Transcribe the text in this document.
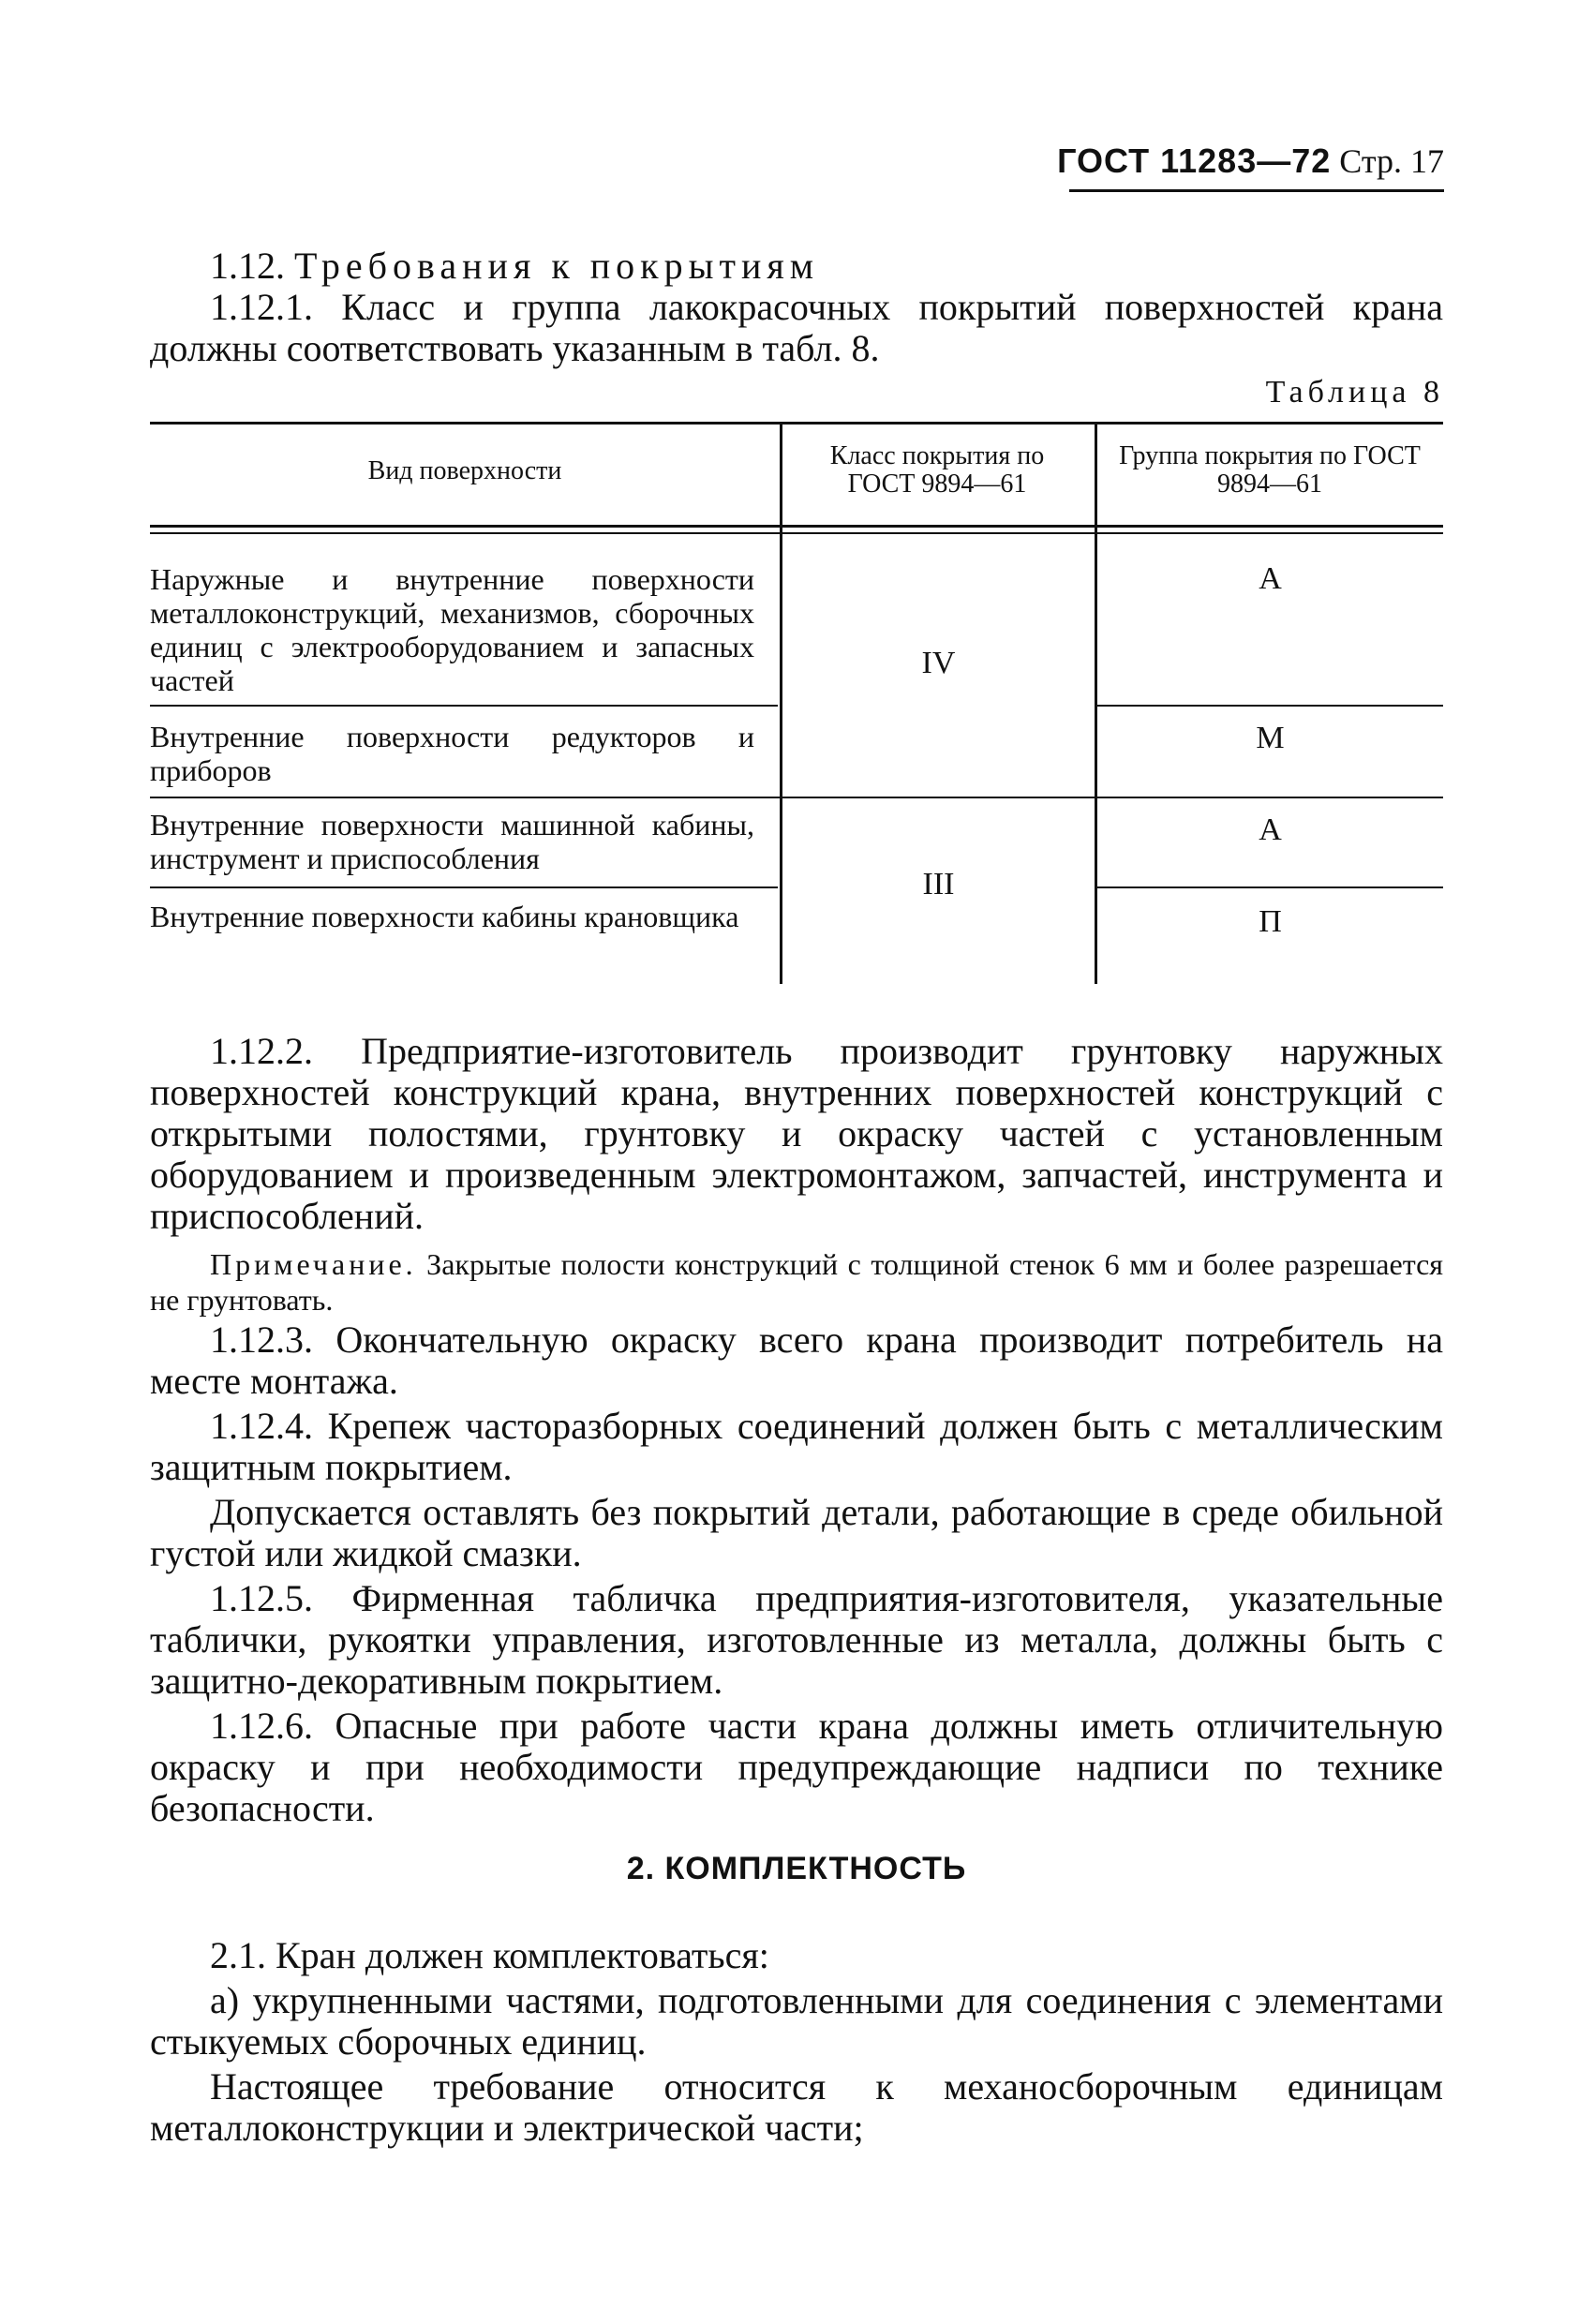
ГОСТ 11283—72 Стр. 17
1.12. Требования к покрытиям
1.12.1. Класс и группа лакокрасочных покрытий поверхностей крана должны соответствовать указанным в табл. 8.
Таблица 8
Вид поверхности
Класс покрытия по ГОСТ 9894—61
Группа покрытия по ГОСТ 9894—61
Наружные и внутренние поверхности металлоконструкций, механизмов, сборочных единиц с электрооборудованием и запасных частей
Внутренние поверхности редукторов и приборов
Внутренние поверхности машинной кабины, инструмент и приспособления
Внутренние поверхности кабины крановщика
IV
III
А
М
А
П
1.12.2. Предприятие-изготовитель производит грунтовку наружных поверхностей конструкций крана, внутренних поверхностей конструкций с открытыми полостями, грунтовку и окраску частей с установленным оборудованием и произведенным электромонтажом, запчастей, инструмента и приспособлений.
Примечание. Закрытые полости конструкций с толщиной стенок 6 мм и более разрешается не грунтовать.
1.12.3. Окончательную окраску всего крана производит потребитель на месте монтажа.
1.12.4. Крепеж часторазборных соединений должен быть с металлическим защитным покрытием.
Допускается оставлять без покрытий детали, работающие в среде обильной густой или жидкой смазки.
1.12.5. Фирменная табличка предприятия-изготовителя, указательные таблички, рукоятки управления, изготовленные из металла, должны быть с защитно-декоративным покрытием.
1.12.6. Опасные при работе части крана должны иметь отличительную окраску и при необходимости предупреждающие надписи по технике безопасности.
2. КОМПЛЕКТНОСТЬ
2.1. Кран должен комплектоваться:
а) укрупненными частями, подготовленными для соединения с элементами стыкуемых сборочных единиц.
Настоящее требование относится к механосборочным единицам металлоконструкции и электрической части;
